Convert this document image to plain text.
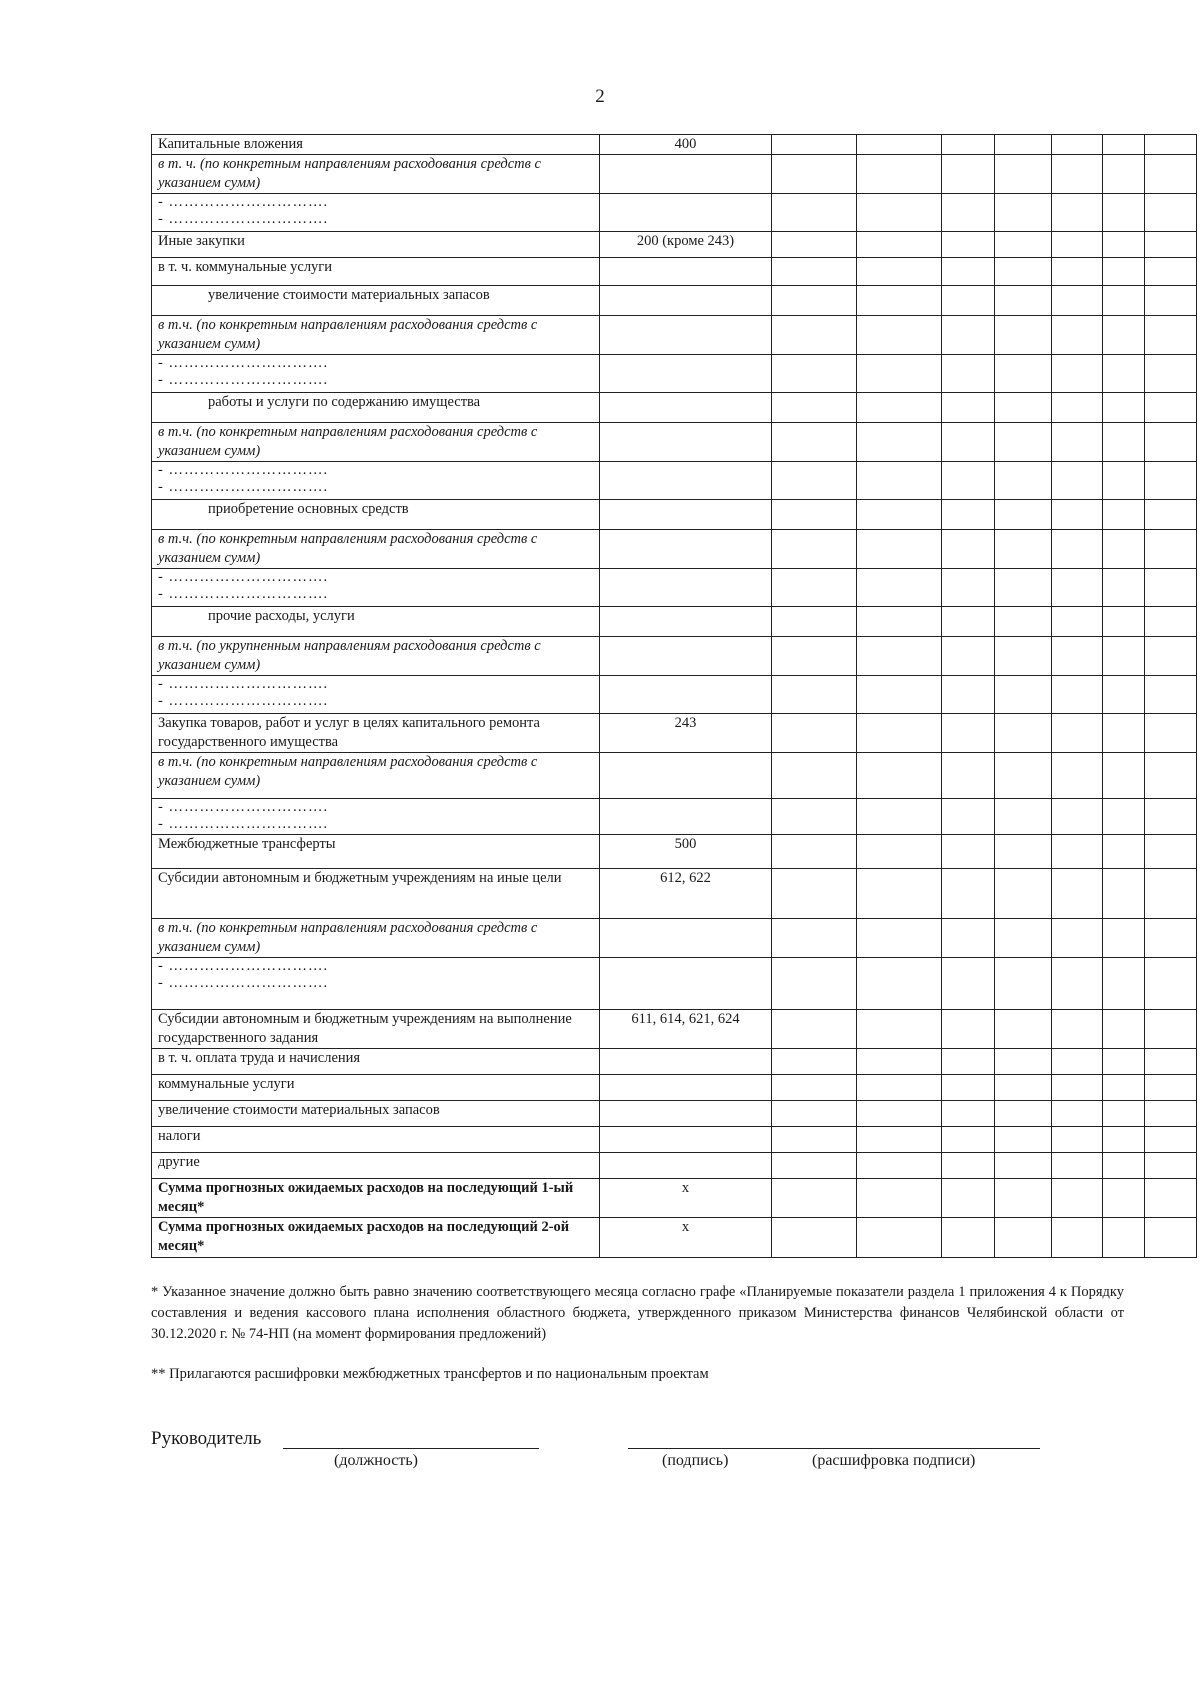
2
Капитальные вложения	400							
в т. ч. (по конкретным направлениям расходования средств с указанием сумм)								
- ………………………….
- ………………………….								
Иные закупки	200 (кроме 243)							
в т. ч. коммунальные услуги								
увеличение стоимости материальных запасов								
в т.ч. (по конкретным направлениям расходования средств с указанием сумм)								
- ………………………….
- ………………………….								
работы и услуги по содержанию имущества								
в т.ч. (по конкретным направлениям расходования средств с указанием сумм)								
- ………………………….
- ………………………….								
приобретение основных средств								
в т.ч. (по конкретным направлениям расходования средств с указанием сумм)								
- ………………………….
- ………………………….								
прочие расходы, услуги								
в т.ч. (по укрупненным направлениям расходования средств с указанием сумм)								
- ………………………….
- ………………………….								
Закупка товаров, работ и услуг в целях капитального ремонта государственного имущества	243							
в т.ч. (по конкретным направлениям расходования средств с указанием сумм)								
- ………………………….
- ………………………….								
Межбюджетные трансферты	500							
Субсидии автономным и бюджетным учреждениям на иные цели	612, 622							
в т.ч. (по конкретным направлениям расходования средств с указанием сумм)								
- ………………………….
- ………………………….								
Субсидии автономным и бюджетным учреждениям на выполнение государственного задания	611, 614, 621, 624							
в т. ч. оплата труда и начисления								
коммунальные услуги								
увеличение стоимости материальных запасов								
налоги								
другие								
Сумма прогнозных ожидаемых расходов на последующий 1-ый месяц*	x							
Сумма прогнозных ожидаемых расходов на последующий 2-ой месяц*	x							
* Указанное значение должно быть равно значению соответствующего месяца согласно графе «Планируемые показатели раздела 1 приложения 4 к Порядку составления и ведения кассового плана исполнения областного бюджета, утвержденного приказом Министерства финансов Челябинской области от 30.12.2020 г. № 74-НП (на момент формирования предложений)
** Прилагаются расшифровки межбюджетных трансфертов и по национальным проектам
Руководитель
(должность)	(подпись)	(расшифровка подписи)
